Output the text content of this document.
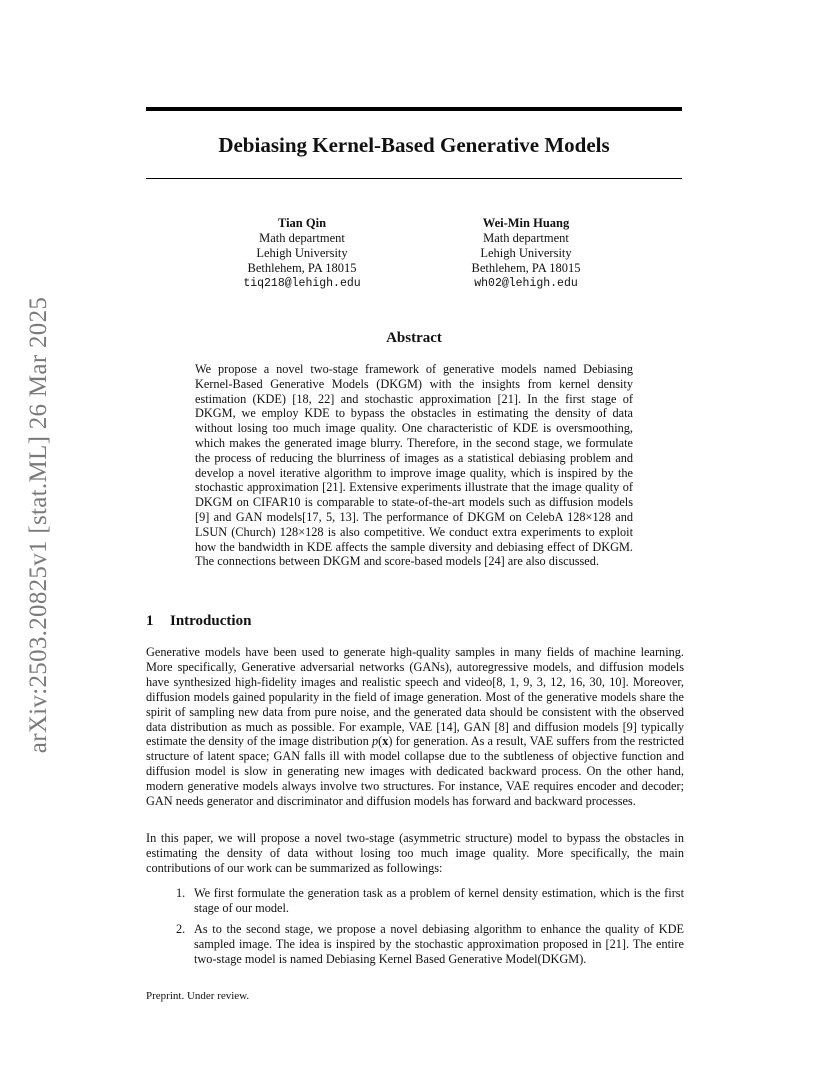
arXiv:2503.20825v1 [stat.ML] 26 Mar 2025
Debiasing Kernel-Based Generative Models
Tian Qin
Math department
Lehigh University
Bethlehem, PA 18015
tiq218@lehigh.edu
Wei-Min Huang
Math department
Lehigh University
Bethlehem, PA 18015
wh02@lehigh.edu
Abstract

We propose a novel two-stage framework of generative models named Debiasing Kernel-Based Generative Models (DKGM) with the insights from kernel density estimation (KDE) [18, 22] and stochastic approximation [21]. In the first stage of DKGM, we employ KDE to bypass the obstacles in estimating the density of data without losing too much image quality. One characteristic of KDE is oversmoothing, which makes the generated image blurry. Therefore, in the second stage, we formulate the process of reducing the blurriness of images as a statistical debiasing problem and develop a novel iterative algorithm to improve image quality, which is inspired by the stochastic approximation [21]. Extensive experiments illustrate that the image quality of DKGM on CIFAR10 is comparable to state-of-the-art models such as diffusion models [9] and GAN models[17, 5, 13]. The performance of DKGM on CelebA 128×128 and LSUN (Church) 128×128 is also competitive. We conduct extra experiments to exploit how the bandwidth in KDE affects the sample diversity and debiasing effect of DKGM. The connections between DKGM and score-based models [24] are also discussed.

1 Introduction

Generative models have been used to generate high-quality samples in many fields of machine learning. More specifically, Generative adversarial networks (GANs), autoregressive models, and diffusion models have synthesized high-fidelity images and realistic speech and video[8, 1, 9, 3, 12, 16, 30, 10]. Moreover, diffusion models gained popularity in the field of image generation. Most of the generative models share the spirit of sampling new data from pure noise, and the generated data should be consistent with the observed data distribution as much as possible. For example, VAE [14], GAN [8] and diffusion models [9] typically estimate the density of the image distribution p(x) for generation. As a result, VAE suffers from the restricted structure of latent space; GAN falls ill with model collapse due to the subtleness of objective function and diffusion model is slow in generating new images with dedicated backward process. On the other hand, modern generative models always involve two structures. For instance, VAE requires encoder and decoder; GAN needs generator and discriminator and diffusion models has forward and backward processes.

In this paper, we will propose a novel two-stage (asymmetric structure) model to bypass the obstacles in estimating the density of data without losing too much image quality. More specifically, the main contributions of our work can be summarized as followings:

1. We first formulate the generation task as a problem of kernel density estimation, which is the first stage of our model.
2. As to the second stage, we propose a novel debiasing algorithm to enhance the quality of KDE sampled image. The idea is inspired by the stochastic approximation proposed in [21]. The entire two-stage model is named Debiasing Kernel Based Generative Model(DKGM).

Preprint. Under review.
